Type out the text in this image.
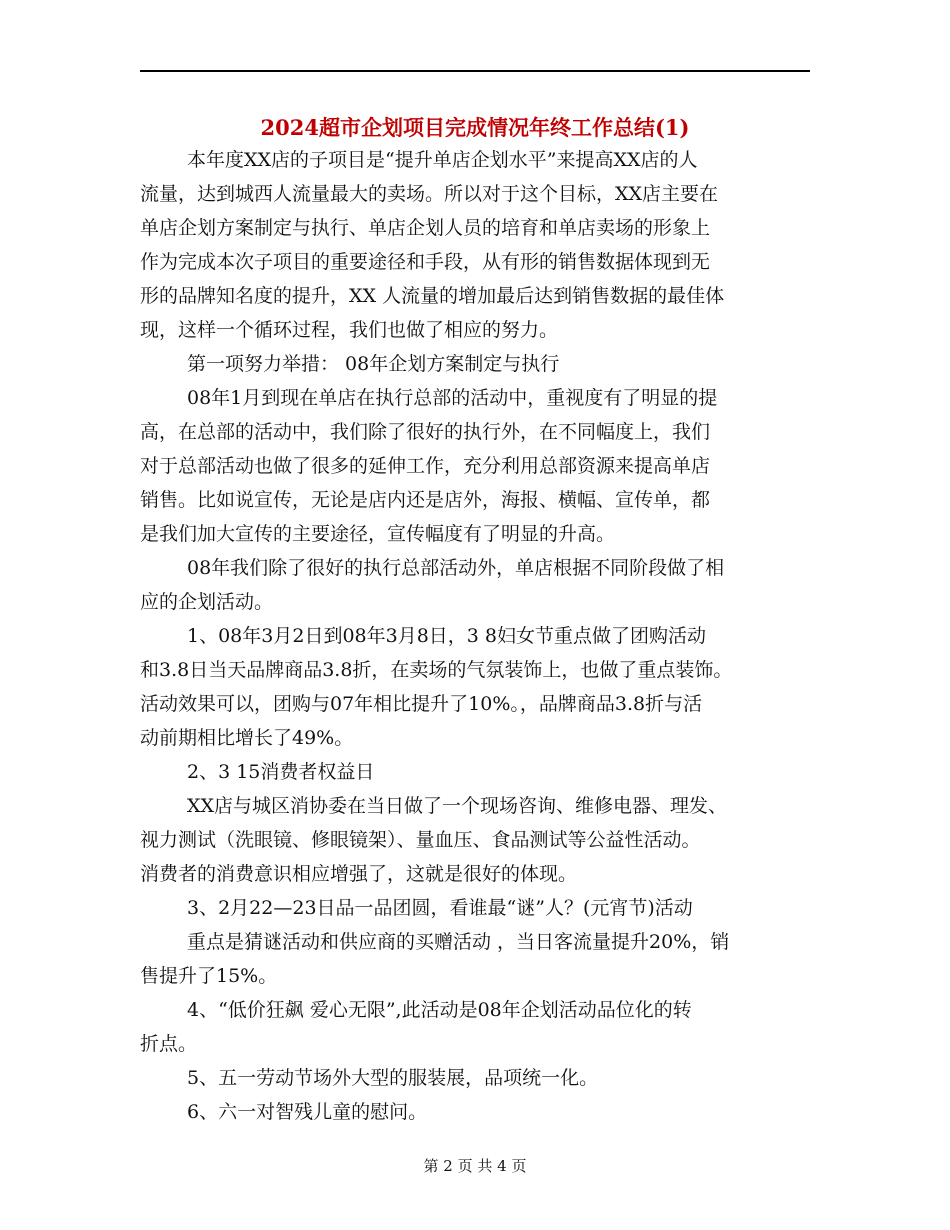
2024超市企划项目完成情况年终工作总结(1)
本年度XX店的子项目是“提升单店企划水平”来提高XX店的人
流量，达到城西人流量最大的卖场。所以对于这个目标，XX店主要在
单店企划方案制定与执行、单店企划人员的培育和单店卖场的形象上
作为完成本次子项目的重要途径和手段，从有形的销售数据体现到无
形的品牌知名度的提升，XX 人流量的增加最后达到销售数据的最佳体
现，这样一个循环过程，我们也做了相应的努力。
第一项努力举措： 08年企划方案制定与执行
08年1月到现在单店在执行总部的活动中，重视度有了明显的提
高，在总部的活动中，我们除了很好的执行外，在不同幅度上，我们
对于总部活动也做了很多的延伸工作，充分利用总部资源来提高单店
销售。比如说宣传，无论是店内还是店外，海报、横幅、宣传单，都
是我们加大宣传的主要途径，宣传幅度有了明显的升高。
08年我们除了很好的执行总部活动外，单店根据不同阶段做了相
应的企划活动。
1、08年3月2日到08年3月8日，3 8妇女节重点做了团购活动
和3.8日当天品牌商品3.8折，在卖场的气氛装饰上，也做了重点装饰。
活动效果可以，团购与07年相比提升了10%。，品牌商品3.8折与活
动前期相比增长了49%。
2、3 15消费者权益日
XX店与城区消协委在当日做了一个现场咨询、维修电器、理发、
视力测试（洗眼镜、修眼镜架）、量血压、食品测试等公益性活动。
消费者的消费意识相应增强了，这就是很好的体现。
3、2月22—23日品一品团圆，看谁最“谜”人？(元宵节)活动
重点是猜谜活动和供应商的买赠活动 ，当日客流量提升20%，销
售提升了15%。
4、“低价狂飙 爱心无限”,此活动是08年企划活动品位化的转
折点。
5、五一劳动节场外大型的服装展，品项统一化。
6、六一对智残儿童的慰问。
第 2 页 共 4 页
